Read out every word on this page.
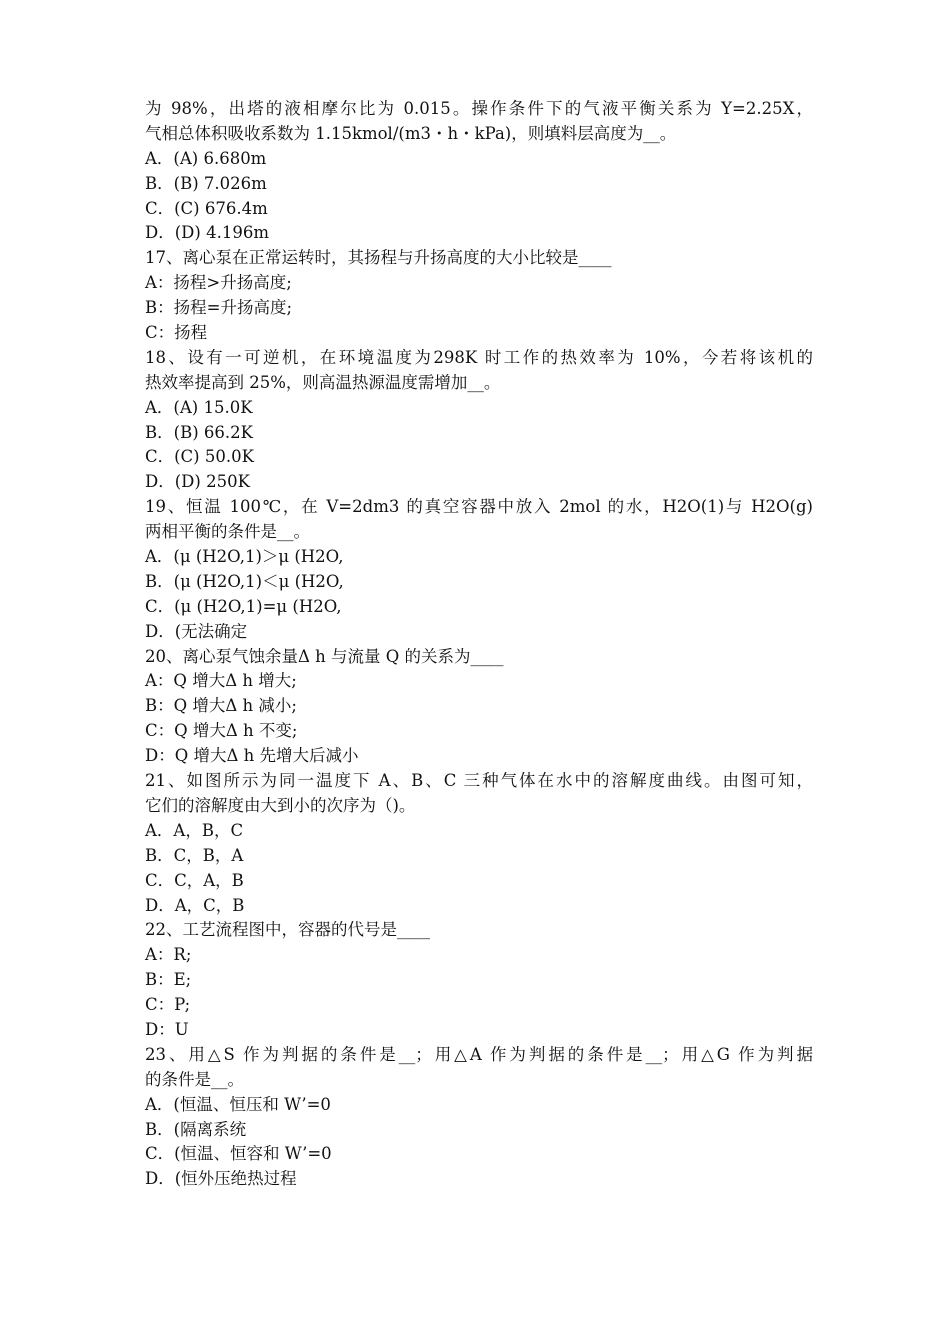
为 98%，出塔的液相摩尔比为 0.015。操作条件下的气液平衡关系为 Y=2.25X，
气相总体积吸收系数为 1.15kmol/(m3・h・kPa)，则填料层高度为__。
A．(A) 6.680m
B．(B) 7.026m
C．(C) 676.4m
D．(D) 4.196m
17、离心泵在正常运转时，其扬程与升扬高度的大小比较是____
A：扬程>升扬高度;
B：扬程=升扬高度;
C：扬程
18、设有一可逆机，在环境温度为298K 时工作的热效率为 10%，今若将该机的
热效率提高到 25%，则高温热源温度需增加__。
A．(A) 15.0K
B．(B) 66.2K
C．(C) 50.0K
D．(D) 250K
19、恒温 100℃，在 V=2dm3 的真空容器中放入 2mol 的水，H2O(1)与 H2O(g)
两相平衡的条件是__。
A．(μ (H2O,1)＞μ (H2O,
B．(μ (H2O,1)＜μ (H2O,
C．(μ (H2O,1)=μ (H2O,
D．(无法确定
20、离心泵气蚀余量Δ h 与流量 Q 的关系为____
A：Q 增大Δ h 增大;
B：Q 增大Δ h 减小;
C：Q 增大Δ h 不变;
D：Q 增大Δ h 先增大后减小
21、如图所示为同一温度下 A、B、C 三种气体在水中的溶解度曲线。由图可知，
它们的溶解度由大到小的次序为（)。
A．A，B，C
B．C，B，A
C．C，A，B
D．A，C，B
22、工艺流程图中，容器的代号是____
A：R;
B：E;
C：P;
D：U
23、用△S 作为判据的条件是__；用△A 作为判据的条件是__；用△G 作为判据
的条件是__。
A．(恒温、恒压和 W’=0
B．(隔离系统
C．(恒温、恒容和 W’=0
D．(恒外压绝热过程
